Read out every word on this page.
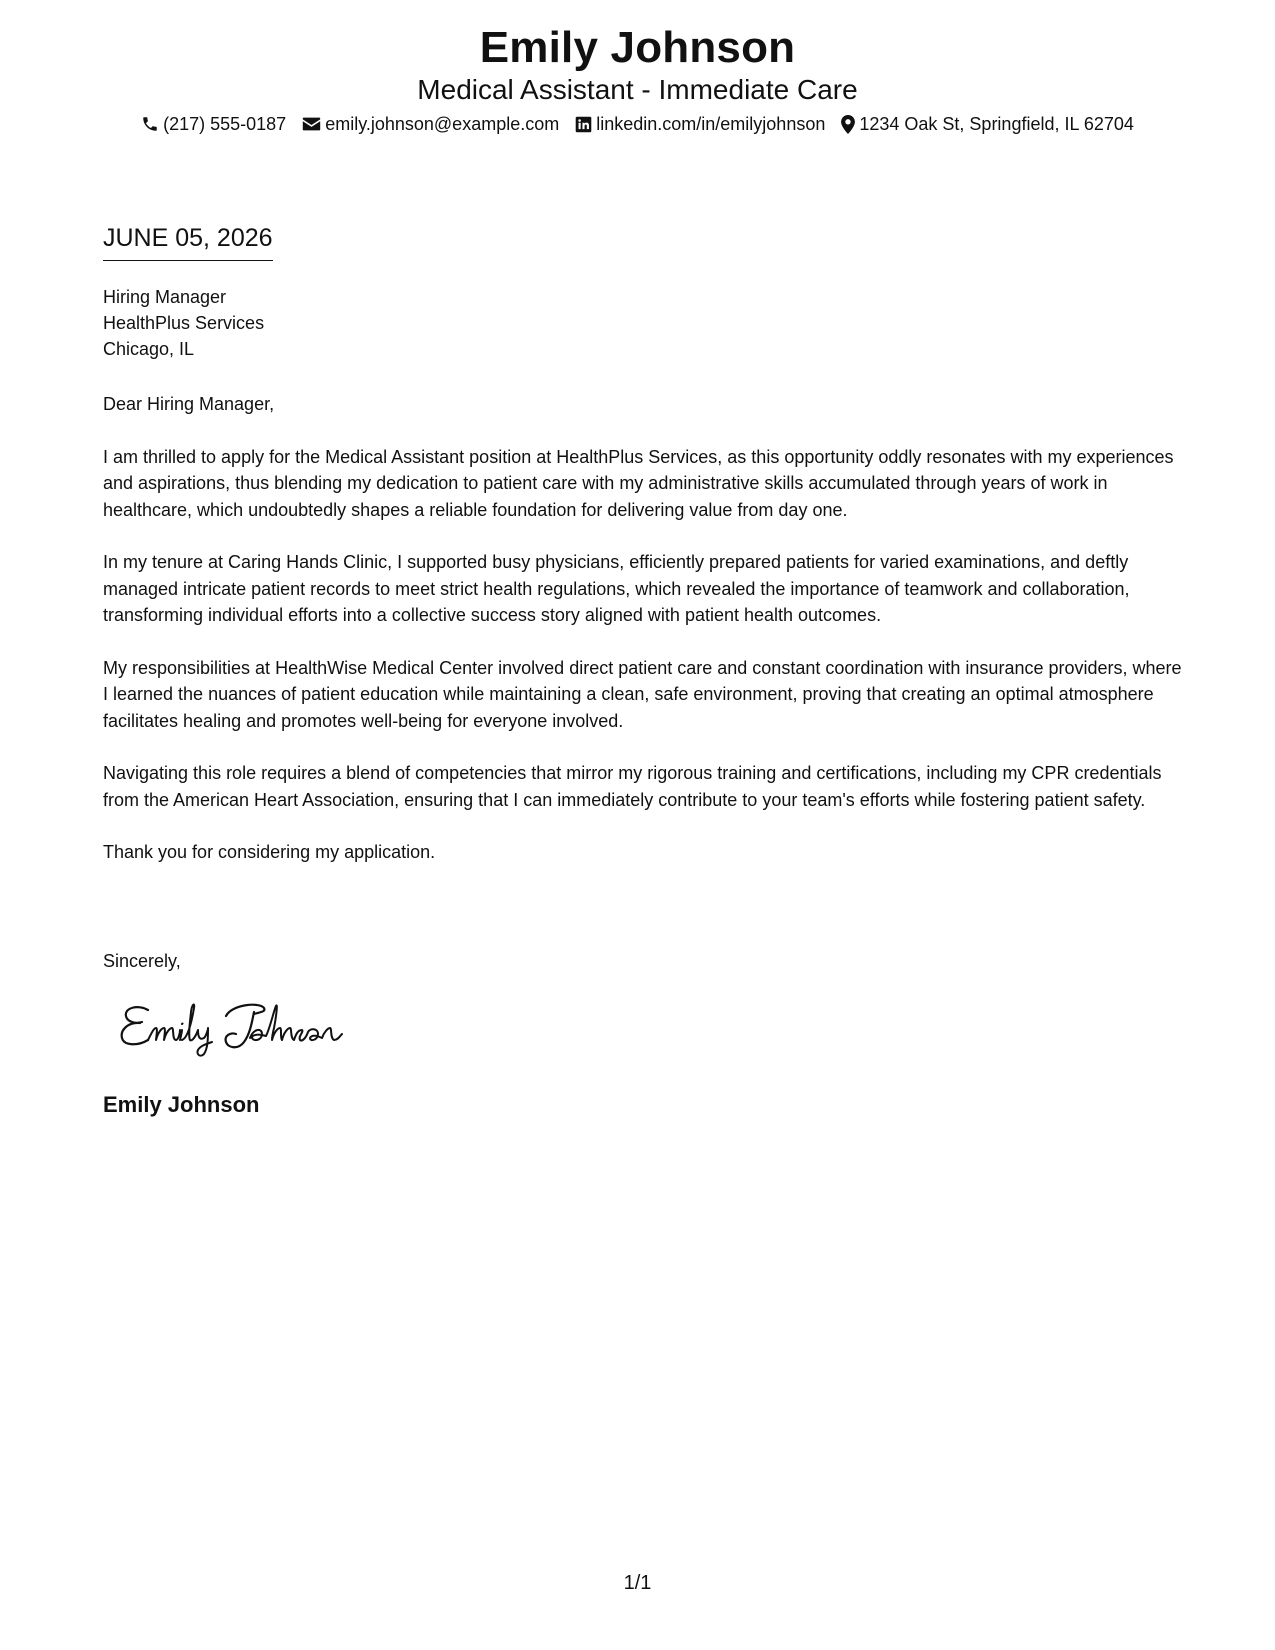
Emily Johnson
Medical Assistant - Immediate Care
(217) 555-0187 emily.johnson@example.com linkedin.com/in/emilyjohnson 1234 Oak St, Springfield, IL 62704
JUNE 05, 2026
Hiring Manager
HealthPlus Services
Chicago, IL

Dear Hiring Manager,

I am thrilled to apply for the Medical Assistant position at HealthPlus Services, as this opportunity oddly resonates with my experiences and aspirations, thus blending my dedication to patient care with my administrative skills accumulated through years of work in healthcare, which undoubtedly shapes a reliable foundation for delivering value from day one.

In my tenure at Caring Hands Clinic, I supported busy physicians, efficiently prepared patients for varied examinations, and deftly managed intricate patient records to meet strict health regulations, which revealed the importance of teamwork and collaboration, transforming individual efforts into a collective success story aligned with patient health outcomes.

My responsibilities at HealthWise Medical Center involved direct patient care and constant coordination with insurance providers, where I learned the nuances of patient education while maintaining a clean, safe environment, proving that creating an optimal atmosphere facilitates healing and promotes well-being for everyone involved.

Navigating this role requires a blend of competencies that mirror my rigorous training and certifications, including my CPR credentials from the American Heart Association, ensuring that I can immediately contribute to your team's efforts while fostering patient safety.

Thank you for considering my application.

Sincerely,
Emily Johnson
1/1
